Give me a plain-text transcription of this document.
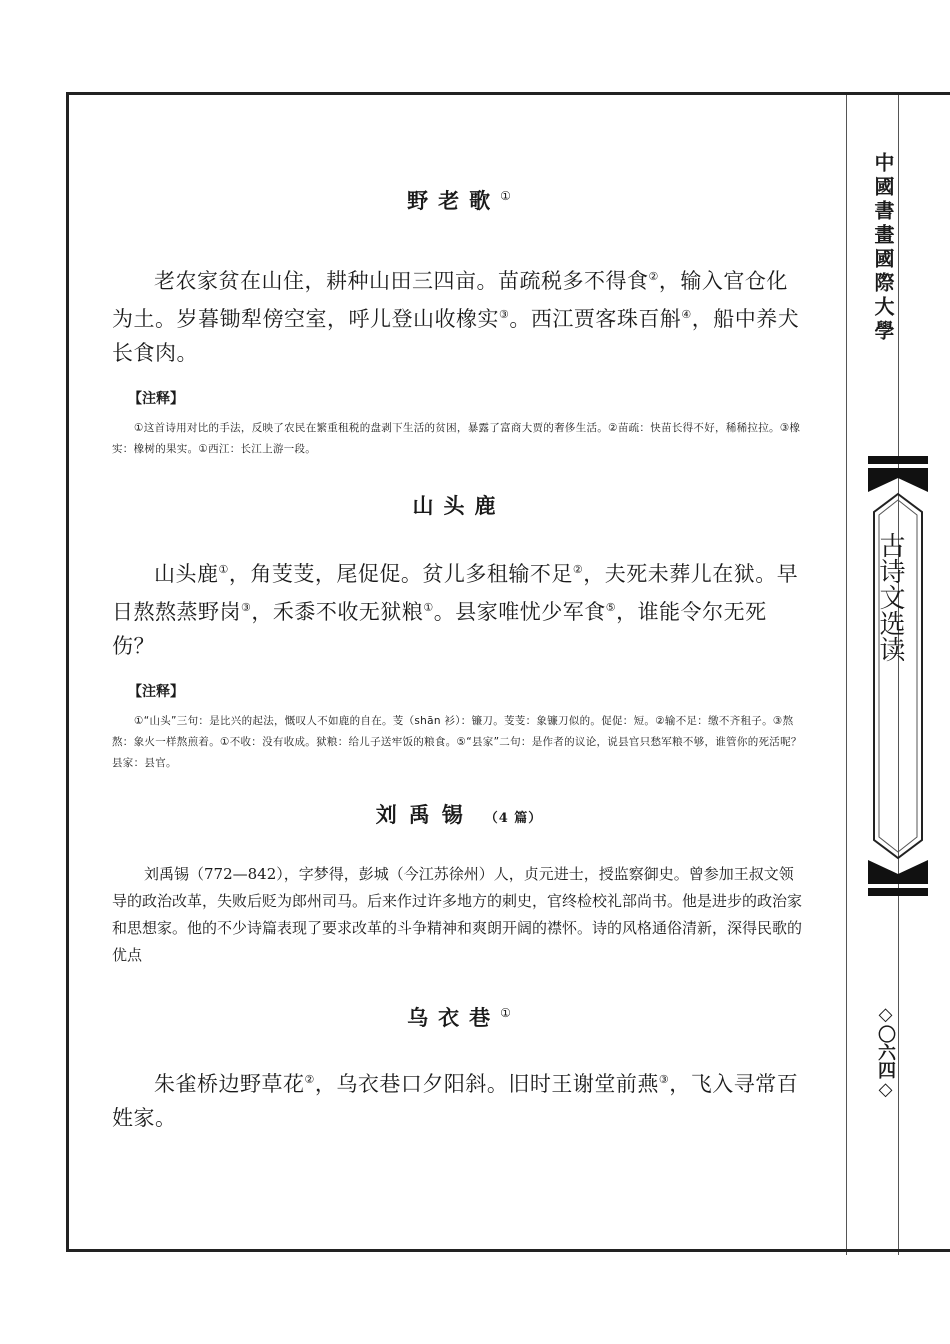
中國書畫國際大學
古诗文选读
◇〇六四◇
野老歌①

老农家贫在山住，耕种山田三四亩。苗疏税多不得食②，输入官仓化为土。岁暮锄犁傍空室，呼儿登山收橡实③。西江贾客珠百斛④，船中养犬长食肉。

【注释】

①这首诗用对比的手法，反映了农民在繁重租税的盘剥下生活的贫困，暴露了富商大贾的奢侈生活。②苗疏：快苗长得不好，稀稀拉拉。③橡实：橡树的果实。①西江：长江上游一段。

山头鹿

山头鹿①，角芰芰，尾促促。贫儿多租输不足②，夫死未葬儿在狱。早日熬熬蒸野岗③，禾黍不收无狱粮①。县家唯忧少军食⑤，谁能令尔无死伤？

【注释】

①“山头”三句：是比兴的起法，慨叹人不如鹿的自在。芰（shān 衫）：镰刀。芰芰：象镰刀似的。促促：短。②输不足：缴不齐租子。③熬熬：象火一样熬煎着。①不收：没有收成。狱粮：给儿子送牢饭的粮食。⑤“县家”二句：是作者的议论，说县官只愁军粮不够，谁管你的死活呢？县家：县官。

刘禹锡 （4 篇）

刘禹锡（772—842），字梦得，彭城（今江苏徐州）人，贞元进士，授监察御史。曾参加王叔文领导的政治改革，失败后贬为郎州司马。后来作过许多地方的刺史，官终检校礼部尚书。他是进步的政治家和思想家。他的不少诗篇表现了要求改革的斗争精神和爽朗开阔的襟怀。诗的风格通俗清新，深得民歌的优点

乌衣巷①

朱雀桥边野草花②，乌衣巷口夕阳斜。旧时王谢堂前燕③，飞入寻常百姓家。
